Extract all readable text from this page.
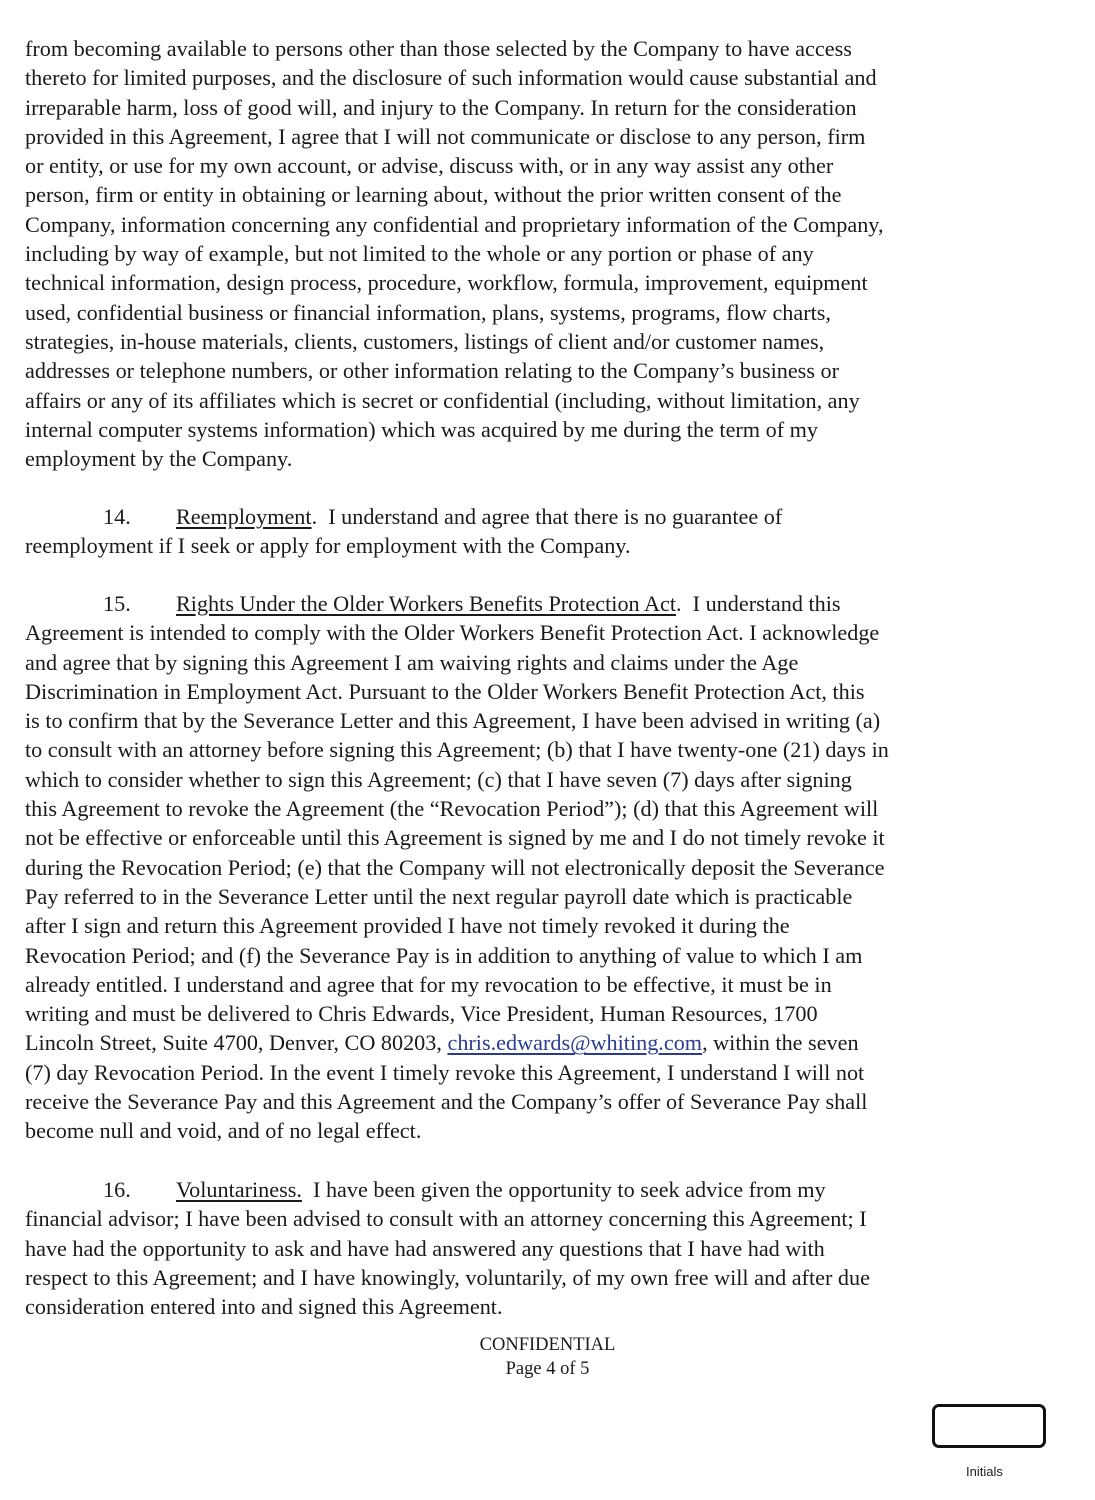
from becoming available to persons other than those selected by the Company to have access
thereto for limited purposes, and the disclosure of such information would cause substantial and
irreparable harm, loss of good will, and injury to the Company. In return for the consideration
provided in this Agreement, I agree that I will not communicate or disclose to any person, firm
or entity, or use for my own account, or advise, discuss with, or in any way assist any other
person, firm or entity in obtaining or learning about, without the prior written consent of the
Company, information concerning any confidential and proprietary information of the Company,
including by way of example, but not limited to the whole or any portion or phase of any
technical information, design process, procedure, workflow, formula, improvement, equipment
used, confidential business or financial information, plans, systems, programs, flow charts,
strategies, in-house materials, clients, customers, listings of client and/or customer names,
addresses or telephone numbers, or other information relating to the Company’s business or
affairs or any of its affiliates which is secret or confidential (including, without limitation, any
internal computer systems information) which was acquired by me during the term of my
employment by the Company.

14. Reemployment.  I understand and agree that there is no guarantee of
reemployment if I seek or apply for employment with the Company.

15. Rights Under the Older Workers Benefits Protection Act.  I understand this
Agreement is intended to comply with the Older Workers Benefit Protection Act. I acknowledge
and agree that by signing this Agreement I am waiving rights and claims under the Age
Discrimination in Employment Act. Pursuant to the Older Workers Benefit Protection Act, this
is to confirm that by the Severance Letter and this Agreement, I have been advised in writing (a)
to consult with an attorney before signing this Agreement; (b) that I have twenty-one (21) days in
which to consider whether to sign this Agreement; (c) that I have seven (7) days after signing
this Agreement to revoke the Agreement (the “Revocation Period”); (d) that this Agreement will
not be effective or enforceable until this Agreement is signed by me and I do not timely revoke it
during the Revocation Period; (e) that the Company will not electronically deposit the Severance
Pay referred to in the Severance Letter until the next regular payroll date which is practicable
after I sign and return this Agreement provided I have not timely revoked it during the
Revocation Period; and (f) the Severance Pay is in addition to anything of value to which I am
already entitled. I understand and agree that for my revocation to be effective, it must be in
writing and must be delivered to Chris Edwards, Vice President, Human Resources, 1700
Lincoln Street, Suite 4700, Denver, CO 80203, chris.edwards@whiting.com, within the seven
(7) day Revocation Period. In the event I timely revoke this Agreement, I understand I will not
receive the Severance Pay and this Agreement and the Company’s offer of Severance Pay shall
become null and void, and of no legal effect.

16. Voluntariness.  I have been given the opportunity to seek advice from my
financial advisor; I have been advised to consult with an attorney concerning this Agreement; I
have had the opportunity to ask and have had answered any questions that I have had with
respect to this Agreement; and I have knowingly, voluntarily, of my own free will and after due
consideration entered into and signed this Agreement.

CONFIDENTIAL
Page 4 of 5
Initials
